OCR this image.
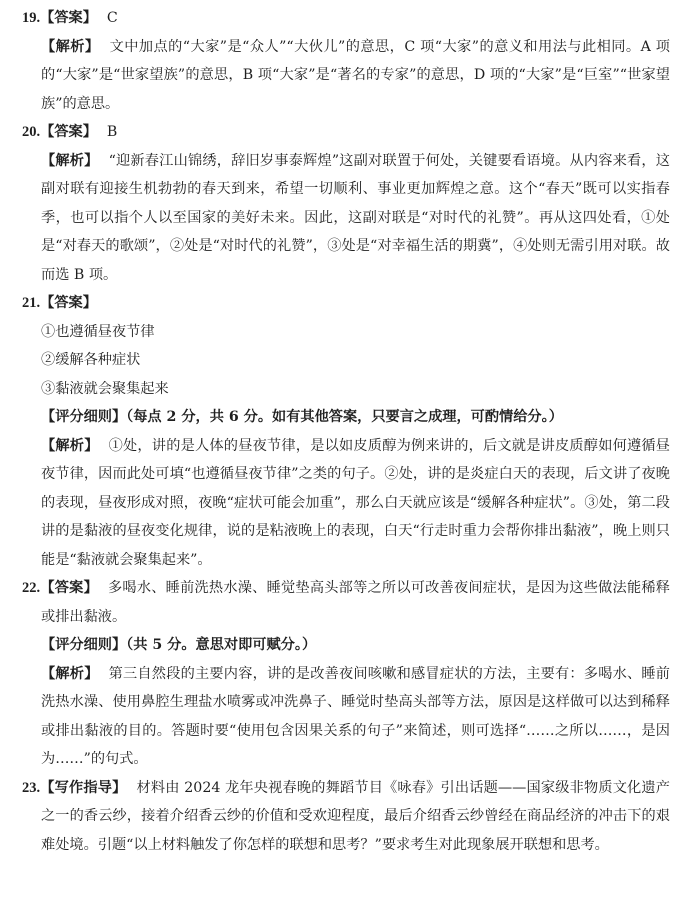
19.【答案】 C

【解析】 文中加点的“大家”是“众人”“大伙儿”的意思，C 项“大家”的意义和用法与此相同。A 项的“大家”是“世家望族”的意思，B 项“大家”是“著名的专家”的意思，D 项的“大家”是“巨室”“世家望族”的意思。

20.【答案】 B

【解析】 “迎新春江山锦绣，辞旧岁事泰辉煌”这副对联置于何处，关键要看语境。从内容来看，这副对联有迎接生机勃勃的春天到来，希望一切顺利、事业更加辉煌之意。这个“春天”既可以实指春季，也可以指个人以至国家的美好未来。因此，这副对联是“对时代的礼赞”。再从这四处看，①处是“对春天的歌颂”，②处是“对时代的礼赞”，③处是“对幸福生活的期冀”，④处则无需引用对联。故而选 B 项。

21.【答案】

①也遵循昼夜节律

②缓解各种症状

③黏液就会聚集起来

【评分细则】（每点 2 分，共 6 分。如有其他答案，只要言之成理，可酌情给分。）

【解析】 ①处，讲的是人体的昼夜节律，是以如皮质醇为例来讲的，后文就是讲皮质醇如何遵循昼夜节律，因而此处可填“也遵循昼夜节律”之类的句子。②处，讲的是炎症白天的表现，后文讲了夜晚的表现，昼夜形成对照，夜晚“症状可能会加重”，那么白天就应该是“缓解各种症状”。③处，第二段讲的是黏液的昼夜变化规律，说的是粘液晚上的表现，白天“行走时重力会帮你排出黏液”，晚上则只能是“黏液就会聚集起来”。

22.【答案】 多喝水、睡前洗热水澡、睡觉垫高头部等之所以可改善夜间症状，是因为这些做法能稀释或排出黏液。

【评分细则】（共 5 分。意思对即可赋分。）

【解析】 第三自然段的主要内容，讲的是改善夜间咳嗽和感冒症状的方法，主要有：多喝水、睡前洗热水澡、使用鼻腔生理盐水喷雾或冲洗鼻子、睡觉时垫高头部等方法，原因是这样做可以达到稀释或排出黏液的目的。答题时要“使用包含因果关系的句子”来简述，则可选择“……之所以……，是因为……”的句式。

23.【写作指导】 材料由 2024 龙年央视春晚的舞蹈节目《咏春》引出话题——国家级非物质文化遗产之一的香云纱，接着介绍香云纱的价值和受欢迎程度，最后介绍香云纱曾经在商品经济的冲击下的艰难处境。引题“以上材料触发了你怎样的联想和思考？”要求考生对此现象展开联想和思考。
